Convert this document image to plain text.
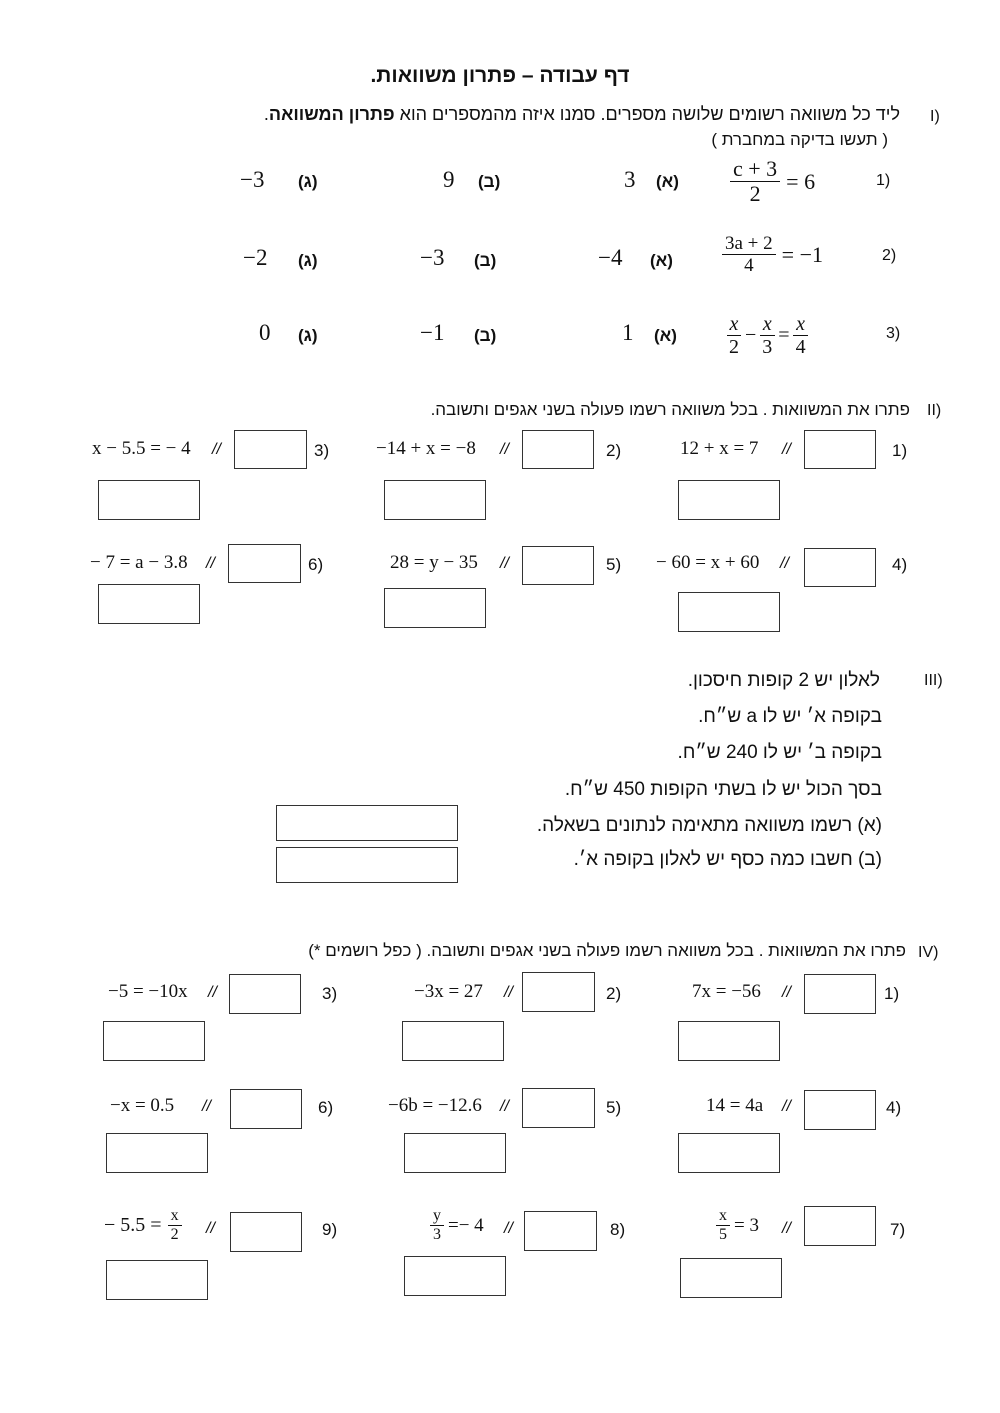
דף עבודה – פתרון משוואות.
I)
ליד כל משוואה רשומים שלושה מספרים. סמנו איזה מהמספרים הוא פתרון המשוואה.
( תעשו בדיקה במחברת )
1)
$\frac{c + 3}{2} = 6$
(א)
3
(ב)
9
(ג)
−3
2)
$\frac{3a + 2}{4} = -1$
(א)
−4
(ב)
−3
(ג)
−2
3)
$\frac{x}{2} - \frac{x}{3} = \frac{x}{4}$
(א)
1
(ב)
−1
(ג)
0
II)
פתרו את המשוואות . בכל משוואה רשמו פעולה בשני אגפים ותשובה.
1)
//
12 + x = 7
2)
//
−14 + x = −8
3)
//
x − 5.5 = − 4
4)
//
− 60 = x + 60
5)
//
28 = y − 35
6)
//
− 7 = a − 3.8
III)
לאלון יש 2 קופות חיסכון.
בקופה א׳ יש לו a ש״ח.
בקופה ב׳ יש לו 240 ש״ח.
בסך הכול יש לו בשתי הקופות 450 ש״ח.
(א) רשמו משוואה מתאימה לנתונים בשאלה.
(ב) חשבו כמה כסף יש לאלון בקופה א׳.
IV)
פתרו את המשוואות . בכל משוואה רשמו פעולה בשני אגפים ותשובה. ( כפל רושמים *)
1)
//
7x = −56
2)
//
−3x = 27
3)
//
−5 = −10x
4)
//
14 = 4a
5)
//
−6b = −12.6
6)
//
−x = 0.5
7)
//
$\frac{x}{5} = 3$
8)
//
$\frac{y}{3} =- 4$
9)
//
− $5.5 = \frac{x}{2}$
